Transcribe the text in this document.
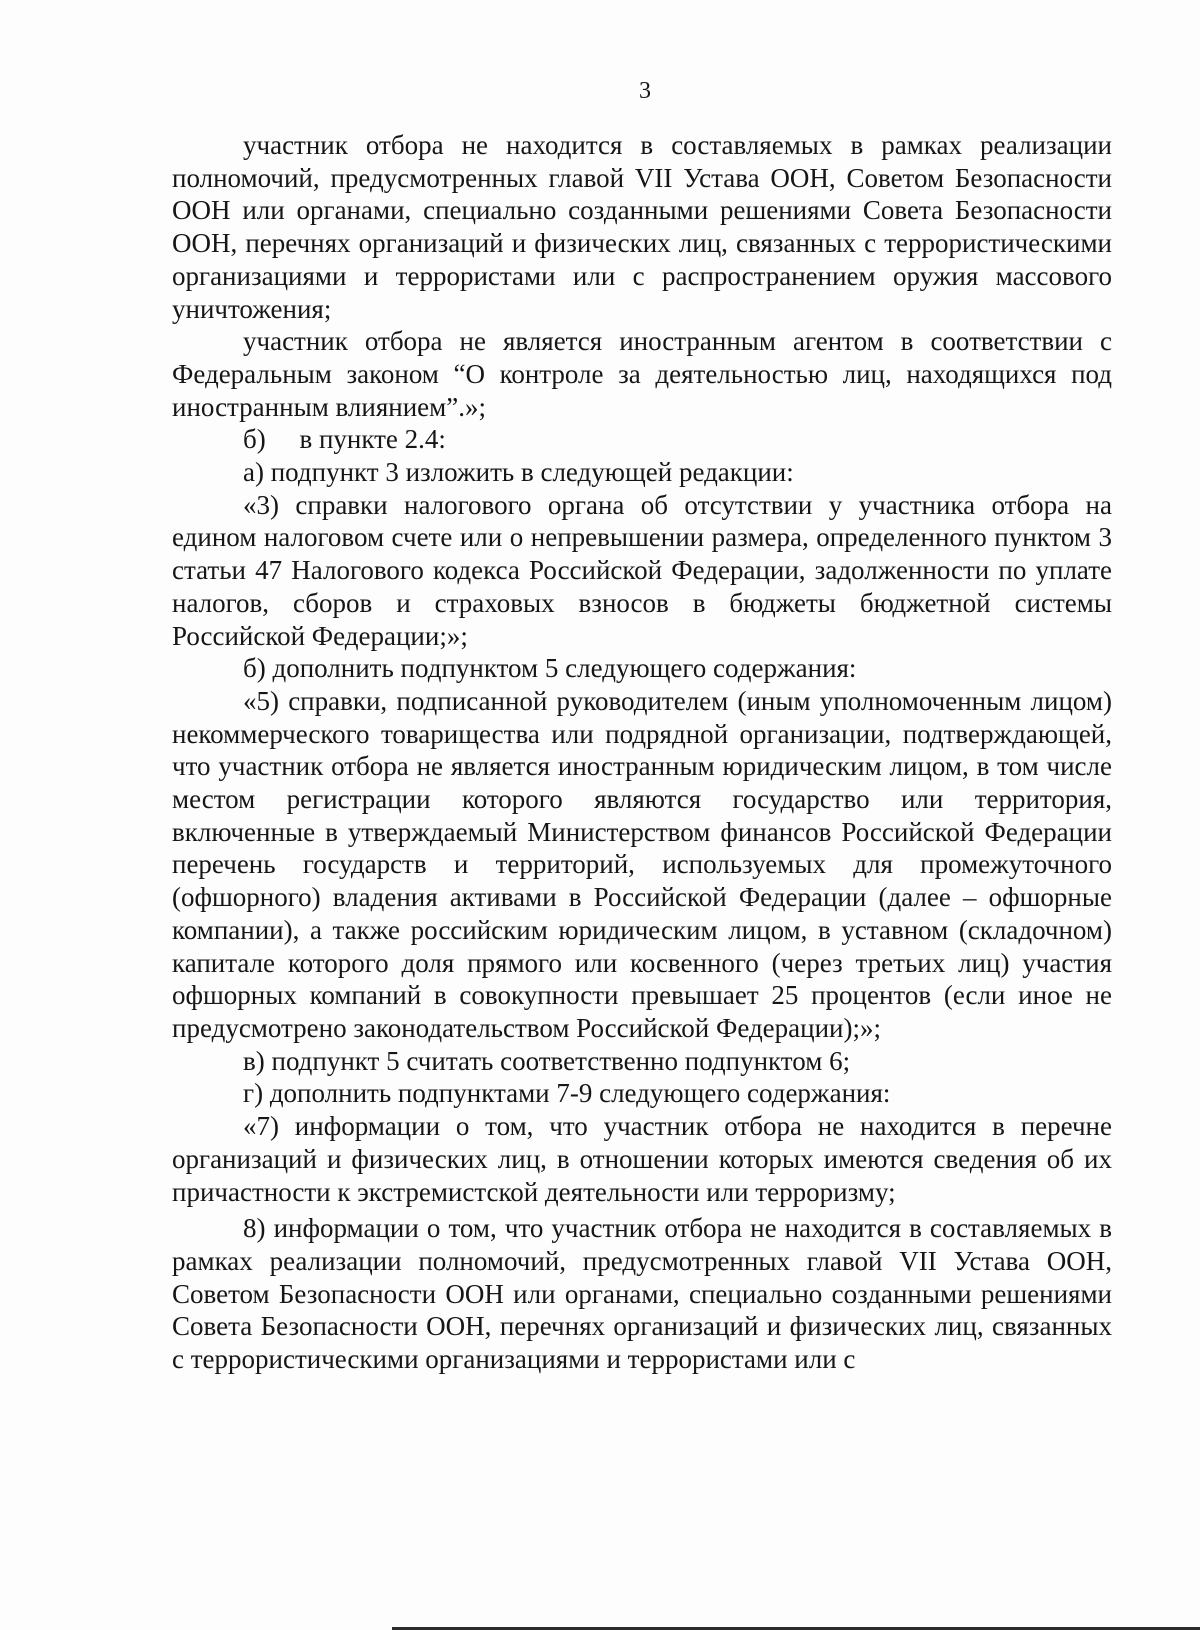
3

участник отбора не находится в составляемых в рамках реализации полномочий, предусмотренных главой VII Устава ООН, Советом Безопасности ООН или органами, специально созданными решениями Совета Безопасности ООН, перечнях организаций и физических лиц, связанных с террористическими организациями и террористами или с распространением оружия массового уничтожения;

участник отбора не является иностранным агентом в соответствии с Федеральным законом “О контроле за деятельностью лиц, находящихся под иностранным влиянием”.»;

б)     в пункте 2.4:

а) подпункт 3 изложить в следующей редакции:

«3) справки налогового органа об отсутствии у участника отбора на едином налоговом счете или о непревышении размера, определенного пунктом 3 статьи 47 Налогового кодекса Российской Федерации, задолженности по уплате налогов, сборов и страховых взносов в бюджеты бюджетной системы Российской Федерации;»;

б) дополнить подпунктом 5 следующего содержания:

«5) справки, подписанной руководителем (иным уполномоченным лицом) некоммерческого товарищества или подрядной организации, подтверждающей, что участник отбора не является иностранным юридическим лицом, в том числе местом регистрации которого являются государство или территория, включенные в утверждаемый Министерством финансов Российской Федерации перечень государств и территорий, используемых для промежуточного (офшорного) владения активами в Российской Федерации (далее – офшорные компании), а также российским юридическим лицом, в уставном (складочном) капитале которого доля прямого или косвенного (через третьих лиц) участия офшорных компаний в совокупности превышает 25 процентов (если иное не предусмотрено законодательством Российской Федерации);»;

в) подпункт 5 считать соответственно подпунктом 6;

г) дополнить подпунктами 7-9 следующего содержания:

«7) информации о том, что участник отбора не находится в перечне организаций и физических лиц, в отношении которых имеются сведения об их причастности к экстремистской деятельности или терроризму;

8) информации о том, что участник отбора не находится в составляемых в рамках реализации полномочий, предусмотренных главой VII Устава ООН, Советом Безопасности ООН или органами, специально созданными решениями Совета Безопасности ООН, перечнях организаций и физических лиц, связанных с террористическими организациями и террористами или с
